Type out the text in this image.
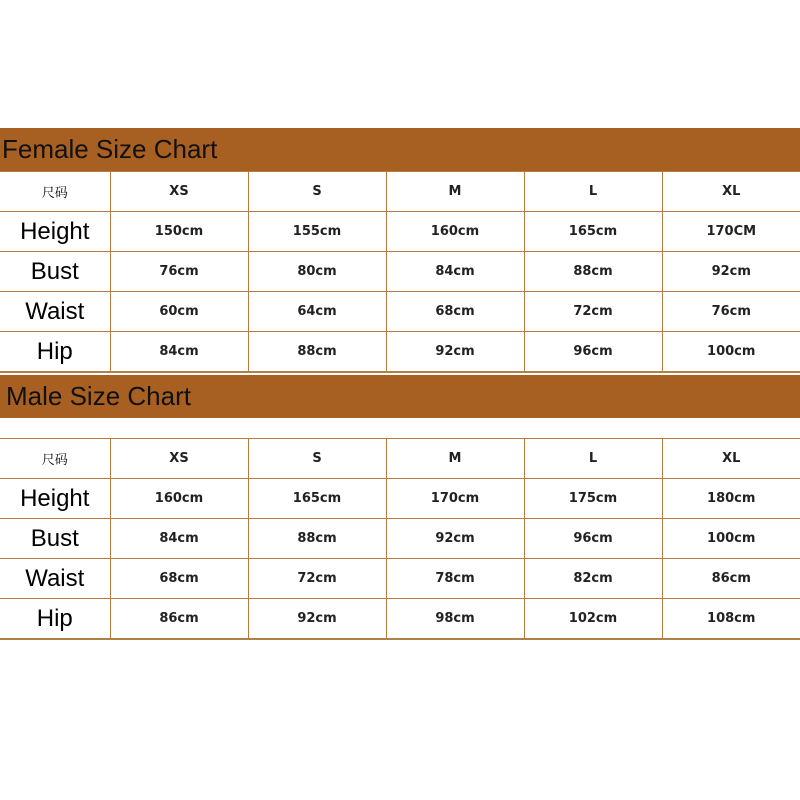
Female Size Chart
尺码	XS	S	M	L	XL
Height	150cm	155cm	160cm	165cm	170CM
Bust	76cm	80cm	84cm	88cm	92cm
Waist	60cm	64cm	68cm	72cm	76cm
Hip	84cm	88cm	92cm	96cm	100cm
Male Size Chart
尺码	XS	S	M	L	XL
Height	160cm	165cm	170cm	175cm	180cm
Bust	84cm	88cm	92cm	96cm	100cm
Waist	68cm	72cm	78cm	82cm	86cm
Hip	86cm	92cm	98cm	102cm	108cm
